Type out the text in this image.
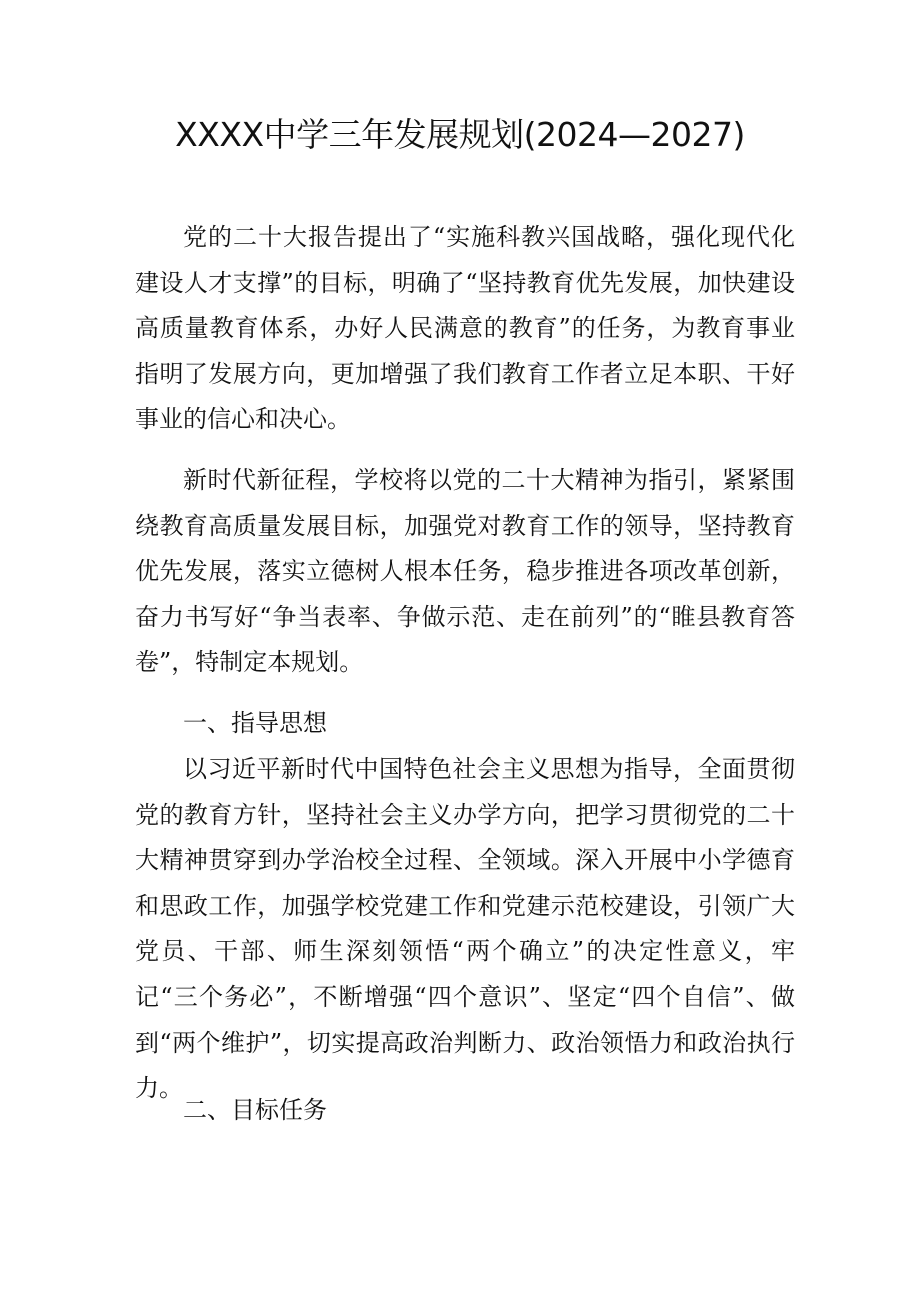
XXXX中学三年发展规划(2024—2027)

党的二十大报告提出了“实施科教兴国战略，强化现代化建设人才支撑”的目标，明确了“坚持教育优先发展，加快建设高质量教育体系，办好人民满意的教育”的任务，为教育事业指明了发展方向，更加增强了我们教育工作者立足本职、干好事业的信心和决心。

新时代新征程，学校将以党的二十大精神为指引，紧紧围绕教育高质量发展目标，加强党对教育工作的领导，坚持教育优先发展，落实立德树人根本任务，稳步推进各项改革创新，奋力书写好“争当表率、争做示范、走在前列”的“睢县教育答卷”，特制定本规划。

一、指导思想

以习近平新时代中国特色社会主义思想为指导，全面贯彻党的教育方针，坚持社会主义办学方向，把学习贯彻党的二十大精神贯穿到办学治校全过程、全领域。深入开展中小学德育和思政工作，加强学校党建工作和党建示范校建设，引领广大党员、干部、师生深刻领悟“两个确立”的决定性意义，牢记“三个务必”，不断增强“四个意识”、坚定“四个自信”、做到“两个维护”，切实提高政治判断力、政治领悟力和政治执行力。

二、目标任务
